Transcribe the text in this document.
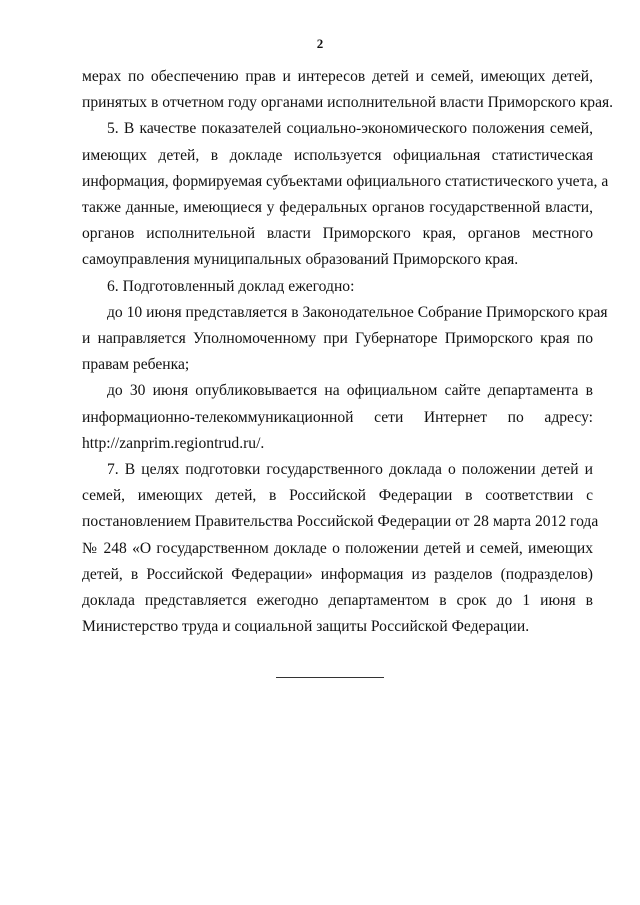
2
мерах по обеспечению прав и интересов детей и семей, имеющих детей,
принятых в отчетном году органами исполнительной власти Приморского края.
5. В качестве показателей социально-экономического положения семей,
имеющих детей, в докладе используется официальная статистическая
информация, формируемая субъектами официального статистического учета, а
также данные, имеющиеся у федеральных органов государственной власти,
органов исполнительной власти Приморского края, органов местного
самоуправления муниципальных образований Приморского края.
6. Подготовленный доклад ежегодно:
до 10 июня представляется в Законодательное Собрание Приморского края
и направляется Уполномоченному при Губернаторе Приморского края по
правам ребенка;
до 30 июня опубликовывается на официальном сайте департамента в
информационно-телекоммуникационной сети Интернет по адресу:
http://zanprim.regiontrud.ru/.
7. В целях подготовки государственного доклада о положении детей и
семей, имеющих детей, в Российской Федерации в соответствии с
постановлением Правительства Российской Федерации от 28 марта 2012 года
№ 248 «О государственном докладе о положении детей и семей, имеющих
детей, в Российской Федерации» информация из разделов (подразделов)
доклада представляется ежегодно департаментом в срок до 1 июня в
Министерство труда и социальной защиты Российской Федерации.
